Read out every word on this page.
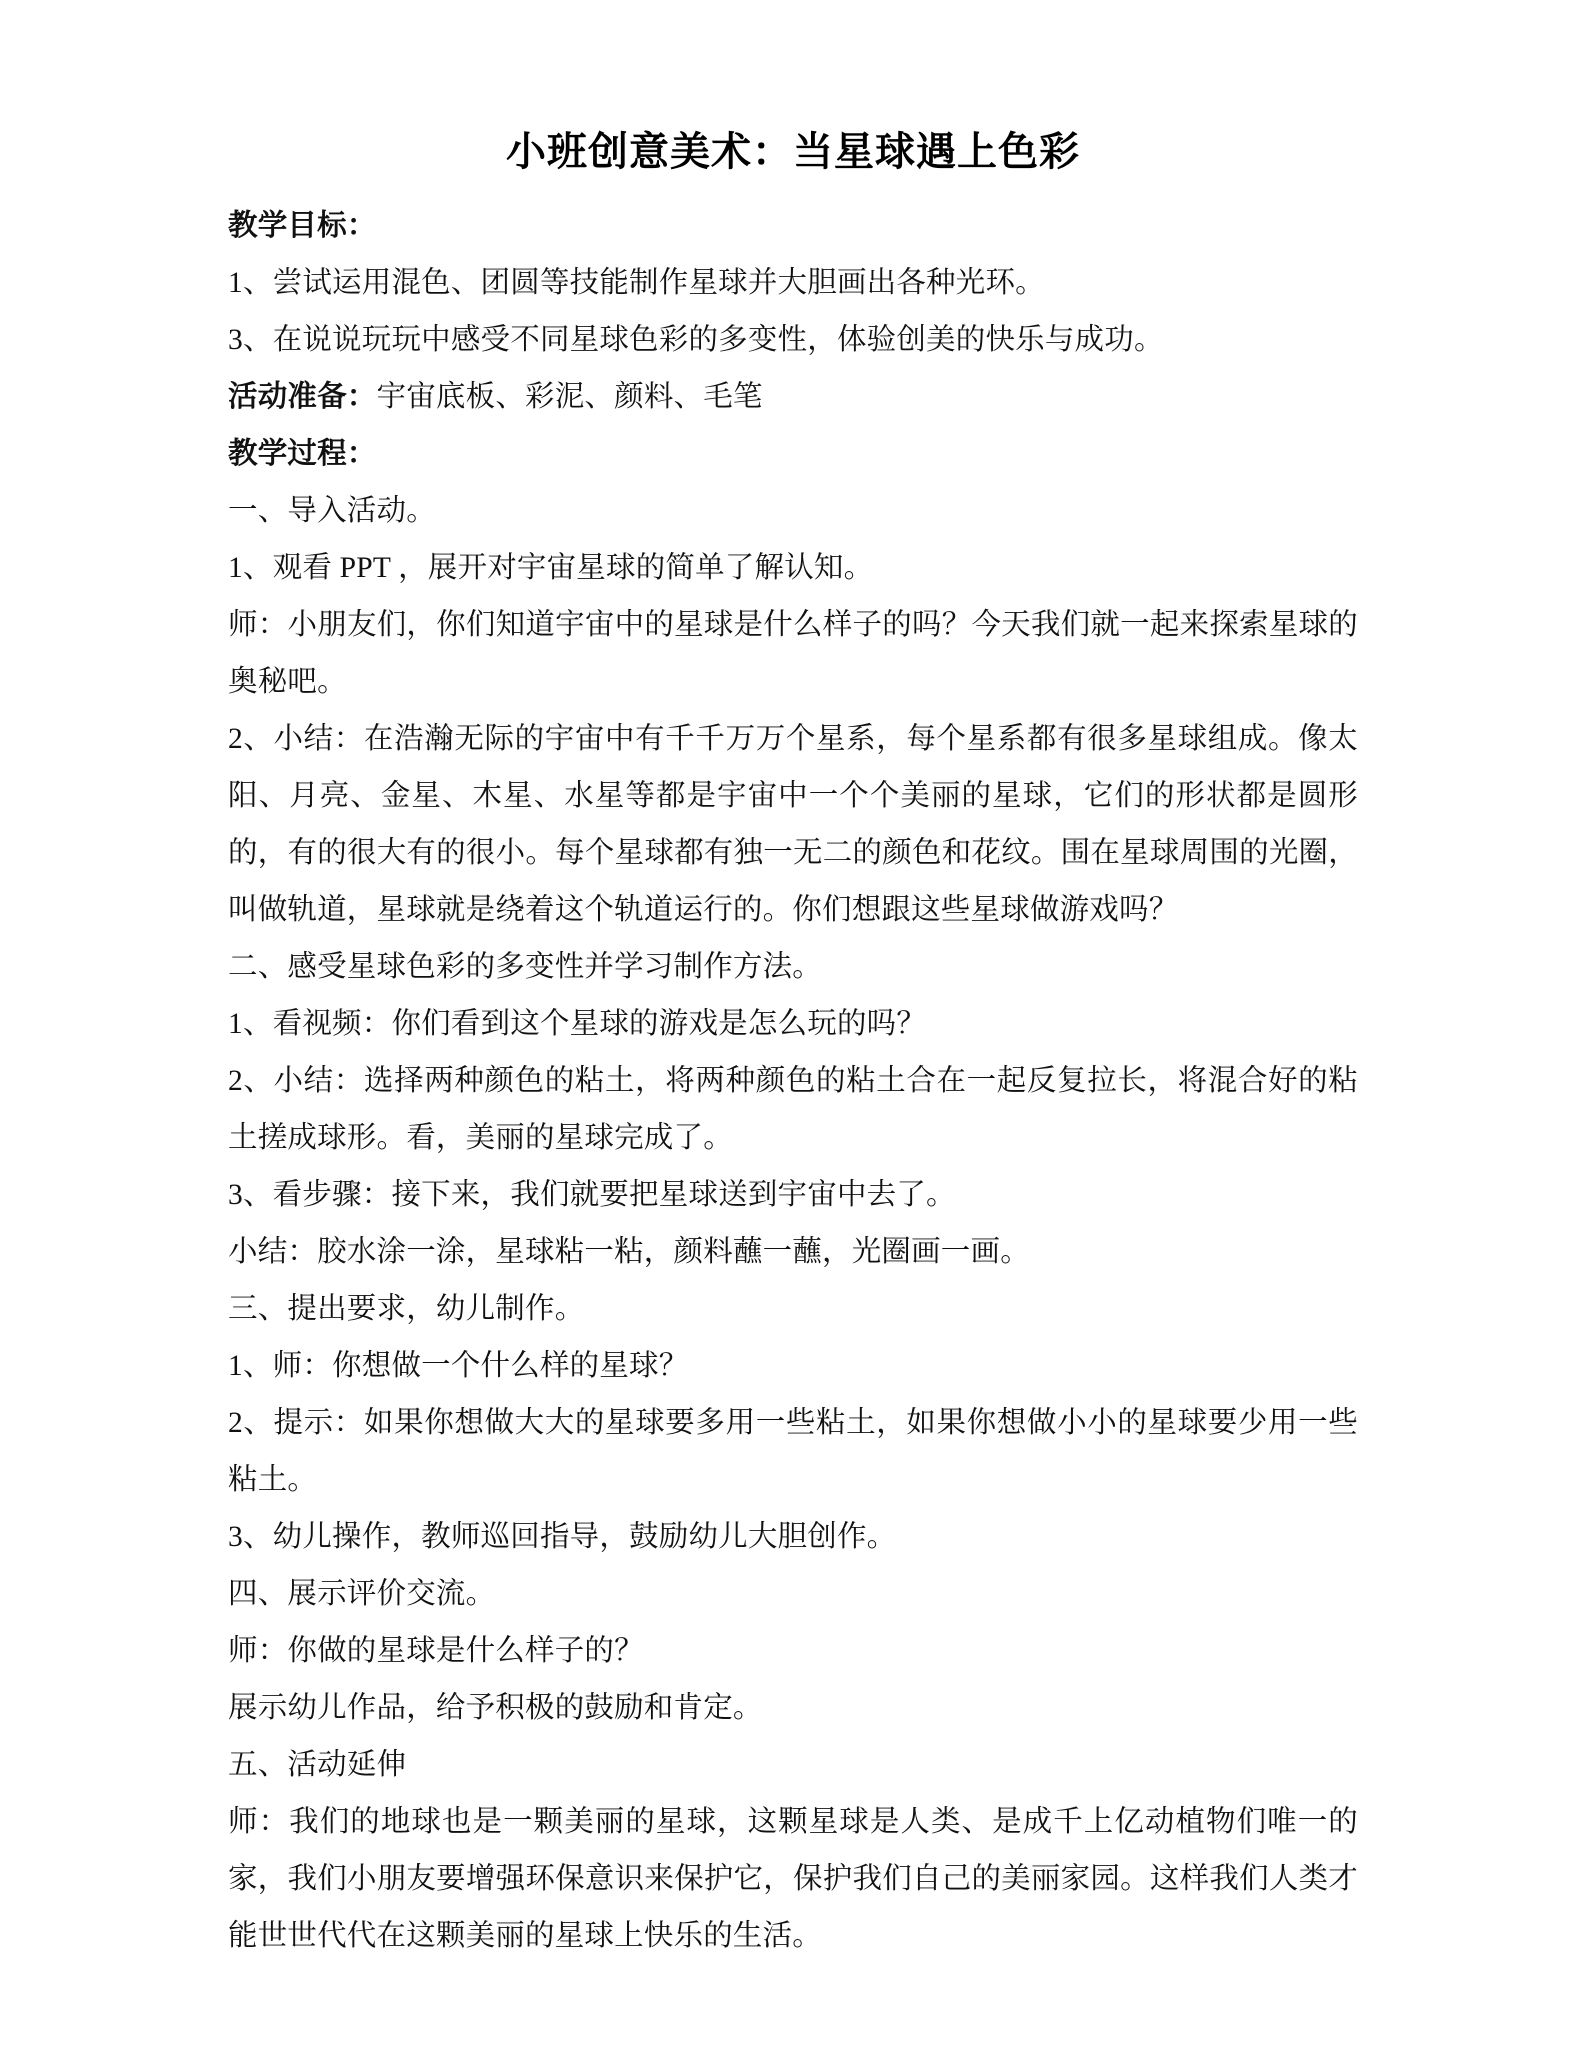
小班创意美术：当星球遇上色彩

教学目标：

1、尝试运用混色、团圆等技能制作星球并大胆画出各种光环。

3、在说说玩玩中感受不同星球色彩的多变性，体验创美的快乐与成功。

活动准备：宇宙底板、彩泥、颜料、毛笔

教学过程：

一、导入活动。

1、观看 PPT ，展开对宇宙星球的简单了解认知。

师：小朋友们，你们知道宇宙中的星球是什么样子的吗？今天我们就一起来探索星球的奥秘吧。

2、小结：在浩瀚无际的宇宙中有千千万万个星系，每个星系都有很多星球组成。像太阳、月亮、金星、木星、水星等都是宇宙中一个个美丽的星球，它们的形状都是圆形的，有的很大有的很小。每个星球都有独一无二的颜色和花纹。围在星球周围的光圈，叫做轨道，星球就是绕着这个轨道运行的。你们想跟这些星球做游戏吗？

二、感受星球色彩的多变性并学习制作方法。

1、看视频：你们看到这个星球的游戏是怎么玩的吗？

2、小结：选择两种颜色的粘土，将两种颜色的粘土合在一起反复拉长，将混合好的粘土搓成球形。看，美丽的星球完成了。

3、看步骤：接下来，我们就要把星球送到宇宙中去了。

小结：胶水涂一涂，星球粘一粘，颜料蘸一蘸，光圈画一画。

三、提出要求，幼儿制作。

1、师：你想做一个什么样的星球？

2、提示：如果你想做大大的星球要多用一些粘土，如果你想做小小的星球要少用一些粘土。

3、幼儿操作，教师巡回指导，鼓励幼儿大胆创作。

四、展示评价交流。

师：你做的星球是什么样子的？

展示幼儿作品，给予积极的鼓励和肯定。

五、活动延伸

师：我们的地球也是一颗美丽的星球，这颗星球是人类、是成千上亿动植物们唯一的家，我们小朋友要增强环保意识来保护它，保护我们自己的美丽家园。这样我们人类才能世世代代在这颗美丽的星球上快乐的生活。
